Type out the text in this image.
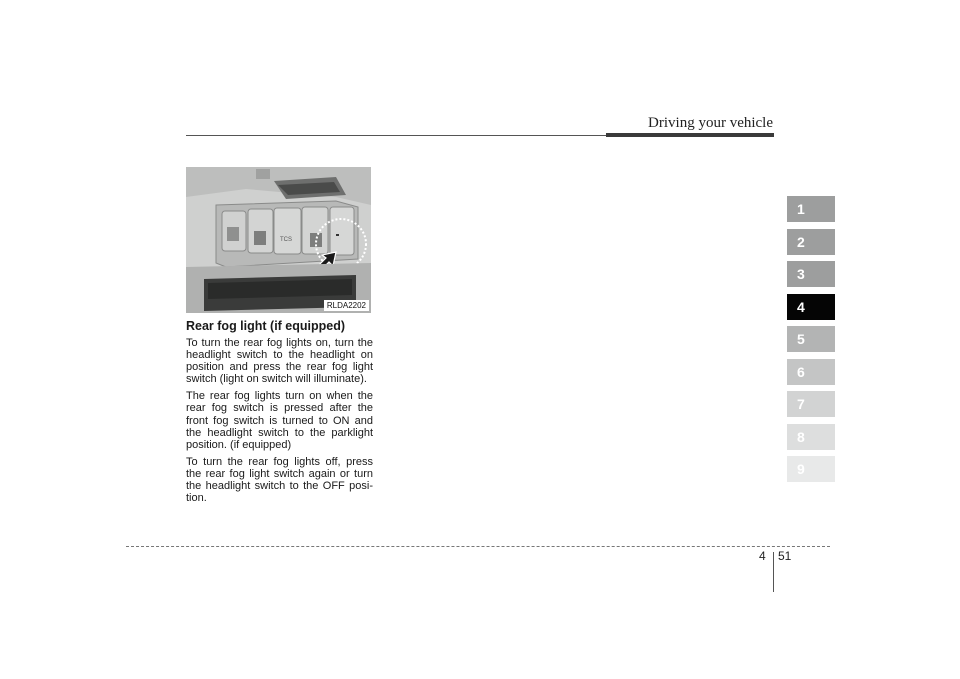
Driving your vehicle
1
2
3
4
5
6
7
8
9
TCS
RLDA2202
Rear fog light (if equipped)

To turn the rear fog lights on, turn the headlight switch to the headlight on position and press the rear fog light switch (light on switch will illuminate).

The rear fog lights turn on when the rear fog switch is pressed after the front fog switch is turned to ON and the headlight switch to the parklight position. (if equipped)

To turn the rear fog lights off, press the rear fog light switch again or turn the headlight switch to the OFF posi-tion.

4 51
